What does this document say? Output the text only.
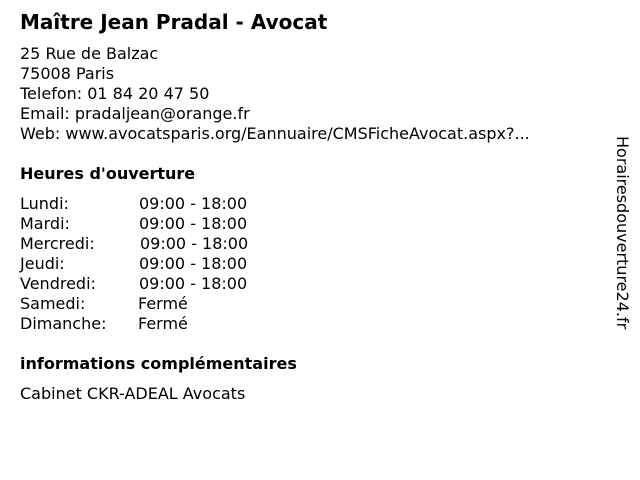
Maître Jean Pradal - Avocat
25 Rue de Balzac
75008 Paris
Telefon: 01 84 20 47 50
Email: pradaljean@orange.fr
Web: www.avocatsparis.org/Eannuaire/CMSFicheAvocat.aspx?...
Heures d'ouverture
Lundi:	09:00 - 18:00
Mardi:	09:00 - 18:00
Mercredi:	09:00 - 18:00
Jeudi:	09:00 - 18:00
Vendredi:	09:00 - 18:00
Samedi:	Fermé
Dimanche: Fermé
informations complémentaires
Cabinet CKR-ADEAL Avocats
Horairesdouverture24.fr
